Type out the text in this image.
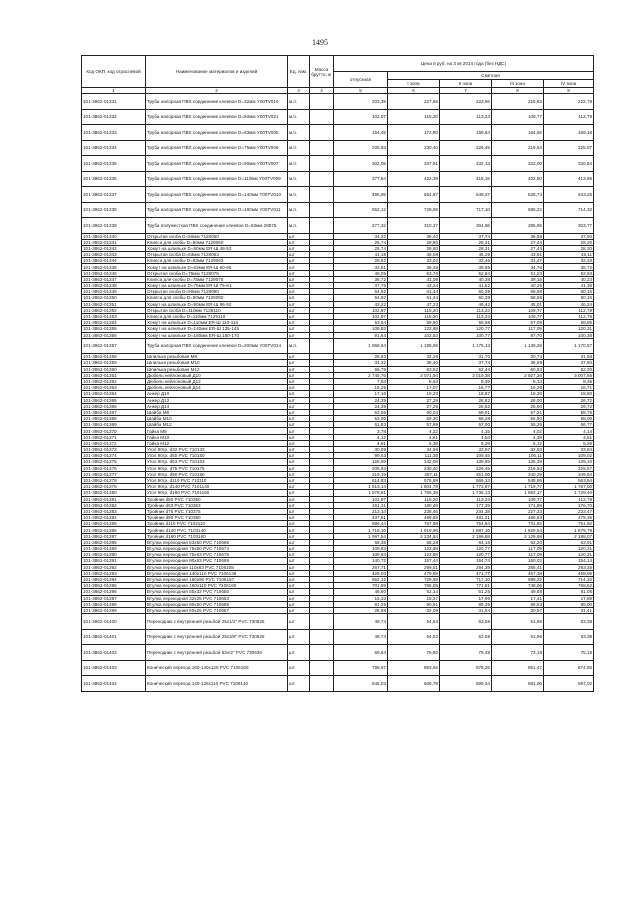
1495
Код ОКП, код отраслевой	Наименование материалов и изделий	Ед. изм.	Масса брутто, кг	Цена в руб. на 3 кв 2014 года (без НДС)				
				отпускная	Сметная			
					I зона	II зона	III зона	IV зона
1	2	3	4	5	6	7	8	9
101-3862-01331	Труба напорная ПВХ соединение клеевое D=32мм Y00TV010	м.п.		203,39	227,55	223,66	216,83	222,79
101-3862-01332	Труба напорная ПВХ соединение клеевое D=50мм Y00TV021	м.п.		102,97	115,20	113,23	109,77	112,79
101-3862-01333	Труба напорная ПВХ соединение клеевое D=63мм Y00TV005	м.п.		154,45	172,80	169,84	164,66	169,18
101-3862-01334	Труба напорная ПВХ соединение клеевое D=75мм Y00TV006	м.п.		205,93	230,40	226,45	219,54	225,57
101-3862-01335	Труба напорная ПВХ соединение клеевое D=90мм Y00TV007	м.п.		302,05	337,91	332,13	322,00	330,84
101-3862-01336	Труба напорная ПВХ соединение клеевое D=110мм Y00TV009	м.п.		377,54	422,39	415,16	402,50	413,55
101-3862-01337	Труба напорная ПВХ соединение клеевое D=140мм Y00TV010	м.п.		495,95	554,87	545,37	528,74	543,25
101-3862-01338	Труба напорная ПВХ соединение клеевое D=160мм Y00TV011	м.п.		652,12	729,59	717,10	695,22	714,32
101-3862-01339	Труба полужесткая ПВХ соединение клеевое D=63мм 28575	м.п.		277,32	310,27	304,96	295,65	303,77
101-3862-01340	Открытая скоба D=50мм 7128050	шт		34,32	38,40	37,74	36,59	37,60
101-3862-01341	Клипса для скобы D=50мм 7129050	шт		25,74	28,80	28,31	27,44	28,20
101-3862-01342	Хомут на шпильке D=50мм ER-Ш 48-53	шт		25,74	28,80	28,31	27,44	28,20
101-3862-01343	Открытая скоба D=63мм 7128063	шт		41,19	46,08	45,29	43,91	45,11
101-3862-01344	Клипса для скобы D=63мм 7129063	шт		29,52	33,02	32,46	31,47	32,33
101-3862-01345	Хомут на шпильке D=63мм ER-Ш 60-66	шт		32,61	36,48	35,85	34,76	35,72
101-3862-01346	Открытая скоба D=75мм 7128075	шт		48,05	53,76	52,84	51,23	52,63
101-3862-01347	Клипса для скобы D=75мм 7129075	шт		36,72	41,09	40,38	39,15	40,23
101-3862-01348	Хомут на шпильке D=75мм ER-Ш 75-81	шт		37,76	42,24	41,52	40,25	41,36
101-3862-01349	Открытая скоба D=90мм 7128090	шт		54,92	61,44	60,39	58,55	60,15
101-3862-01350	Клипса для скобы D=90мм 7129090	шт		54,92	61,44	60,39	58,55	60,15
101-3862-01351	Хомут на шпильке D=90мм ER-Ш 86-92	шт		42,22	47,23	46,42	45,01	46,24
101-3862-01352	Открытая скоба D=110мм 7128110	шт		102,97	115,20	113,23	109,77	112,79
101-3862-01353	Клипса для скобы D=110мм 7129110	шт		102,97	115,20	113,23	109,77	112,79
101-3862-01354	Хомут на шпильке D=110мм ER-Ш 110-116	шт		53,54	59,90	58,88	57,08	58,65
101-3862-01355	Хомут на шпильке D=140мм ER-Ш 135-145	шт		109,83	122,88	120,77	117,09	120,31
101-3862-01356	Хомут на шпильке D=160мм ER-Ш 160-170	шт		91,64	102,53	100,77	97,70	100,38
101-3862-01357	Труба напорная ПВХ соединение клеевое D=200мм Y00TV014	м.п.		1 068,64	1 195,59	1 175,13	1 139,28	1 170,57
101-3862-01358	Шпилька резьбовая М8	шт		28,83	32,26	31,70	30,74	31,58
101-3862-01359	Шпилька резьбовая М10	шт		34,32	38,40	37,74	36,59	37,60
101-3862-01360	Шпилька резьбовая М12	шт		56,78	63,52	62,44	60,53	62,20
101-3862-01361	Дюбель нейлоновый Д10	шт		2 745,76	3 071,94	3 019,38	2 927,26	3 007,66
101-3862-01362	Дюбель нейлоновый Д12	шт		7,63	8,53	8,39	8,13	8,35
101-3862-01363	Дюбель нейлоновый Д14	шт		15,25	17,07	16,77	16,26	16,71
101-3862-01364	Анкер Д10	шт		17,16	19,20	18,87	18,30	18,80
101-3862-01365	Анкер Д12	шт		24,39	27,29	26,82	26,00	26,72
101-3862-01366	Анкер Д14	шт		24,39	27,29	26,82	26,00	26,72
101-3862-01367	Шайба М8	шт		53,66	60,04	59,01	57,21	58,78
101-3862-01368	Шайба М10	шт		53,00	59,30	58,28	56,50	58,06
101-3862-01369	Шайба М12	шт		51,83	57,99	57,00	55,26	56,77
101-3862-01370	Гайка М8	шт		3,78	4,22	4,15	4,02	4,14
101-3862-01371	Гайка М10	шт		4,12	4,61	4,53	4,39	4,51
101-3862-01372	Гайка М12	шт		4,81	5,38	5,28	5,12	5,26
101-3862-01373	Угол 90гр. d32 PVC 710132	шт		30,89	34,56	33,97	32,93	33,84
101-3862-01374	Угол 90гр. d50 PVC 710150	шт		99,53	111,36	109,45	106,11	109,02
101-3862-01375	Угол 90гр. d63 PVC 710163	шт		126,99	142,08	139,65	135,39	139,10
101-3862-01376	Угол 90гр. d75 PVC 710175	шт		205,93	230,40	226,45	219,54	225,57
101-3862-01377	Угол 90гр. d90 PVC 710190	шт		319,19	357,11	351,00	340,29	349,64
101-3862-01378	Угол 90гр. d110 PVC 710110	шт		514,83	575,99	566,13	548,86	563,94
101-3862-01379	Угол 90гр. d140 PVC 7101140	шт		1 613,14	1 804,78	1 773,87	1 719,77	1 767,00
101-3862-01380	Угол 90гр. d160 PVC 7101160	шт		1 578,81	1 766,38	1 736,13	1 683,17	1 729,40
101-3862-01381	Тройник d50 PVC 710350	шт		102,97	115,20	113,23	109,77	112,79
101-3862-01382	Тройник d63 PVC 710363	шт		161,31	180,48	177,39	171,98	176,70
101-3862-01383	Тройник d75 PVC 710375	шт		213,14	238,46	234,38	227,23	233,47
101-3862-01384	Тройник d90 PVC 710390	шт		437,61	489,59	481,21	466,53	479,35
101-3862-01385	Тройник d110 PVC 7103110	шт		686,44	767,98	754,84	731,82	751,92
101-3862-01386	Тройник d140 PVC 7103140	шт		1 716,10	1 919,96	1 887,10	1 829,54	1 879,79
101-3862-01387	Тройник d160 PVC 7103160	шт		1 997,54	2 234,84	2 196,58	2 129,58	2 188,07
101-3862-01388	Втулка переходная 63x50 PVC 710665	шт		58,35	65,28	64,16	62,20	63,91
101-3862-01389	Втулка переходная 75x50 PVC 710674	шт		109,83	122,88	120,77	117,09	120,31
101-3862-01390	Втулка переходная 75x63 PVC 710675	шт		109,83	122,88	120,77	117,09	120,31
101-3862-01391	Втулка переходная 90x63 PVC 710669	шт		140,72	157,44	154,74	150,02	154,14
101-3862-01392	Втулка переходная 110x63 PVC 7106108	шт		267,71	299,51	294,39	285,41	293,25
101-3862-01393	Втулка переходная 140x110 PVC 7106139	шт		429,03	479,99	471,77	457,38	469,95
101-3862-01394	Втулка переходная 160x90 PVC 7106157	шт		652,12	729,59	717,10	695,22	714,32
101-3862-01395	Втулка переходная 160x110 PVC 7106160	шт		701,59	785,05	771,61	748,06	768,62
101-3862-01396	Втулка переходная 50x32 PVC 710650	шт		46,60	52,14	51,25	49,68	51,05
101-3862-01397	Втулка переходная 32x25 PVC 710663	шт		15,33	18,27	17,96	17,41	17,89
101-3862-01398	Втулка переходная 90x50 PVC 710686	шт		81,25	90,91	89,35	86,63	89,00
101-3862-01399	Втулка переходная 50x25 PVC 710657	шт		28,68	32,09	31,54	30,57	31,41
101-3862-01400	Переходник с внутренней резьбой 25x1/2" PVC 730625	шт		48,74	54,53	53,59	51,96	53,39
101-3862-01401	Переходник с внутренней резьбой 25x3/8" PVC 730625	шт		48,74	54,53	53,59	51,96	53,39
101-3862-01402	Переходник с внутренней резьбой 63x/2" PVC 730636	шт		69,64	76,80	75,48	73,18	75,19
101-3862-01403	Конический переход 160-140x125 PVC 7106160	шт		798,67	893,55	878,26	851,47	874,85
101-3862-01404	Конический переход 140-125x110 PVC 7109140	шт		545,03	609,78	599,34	581,06	597,02
